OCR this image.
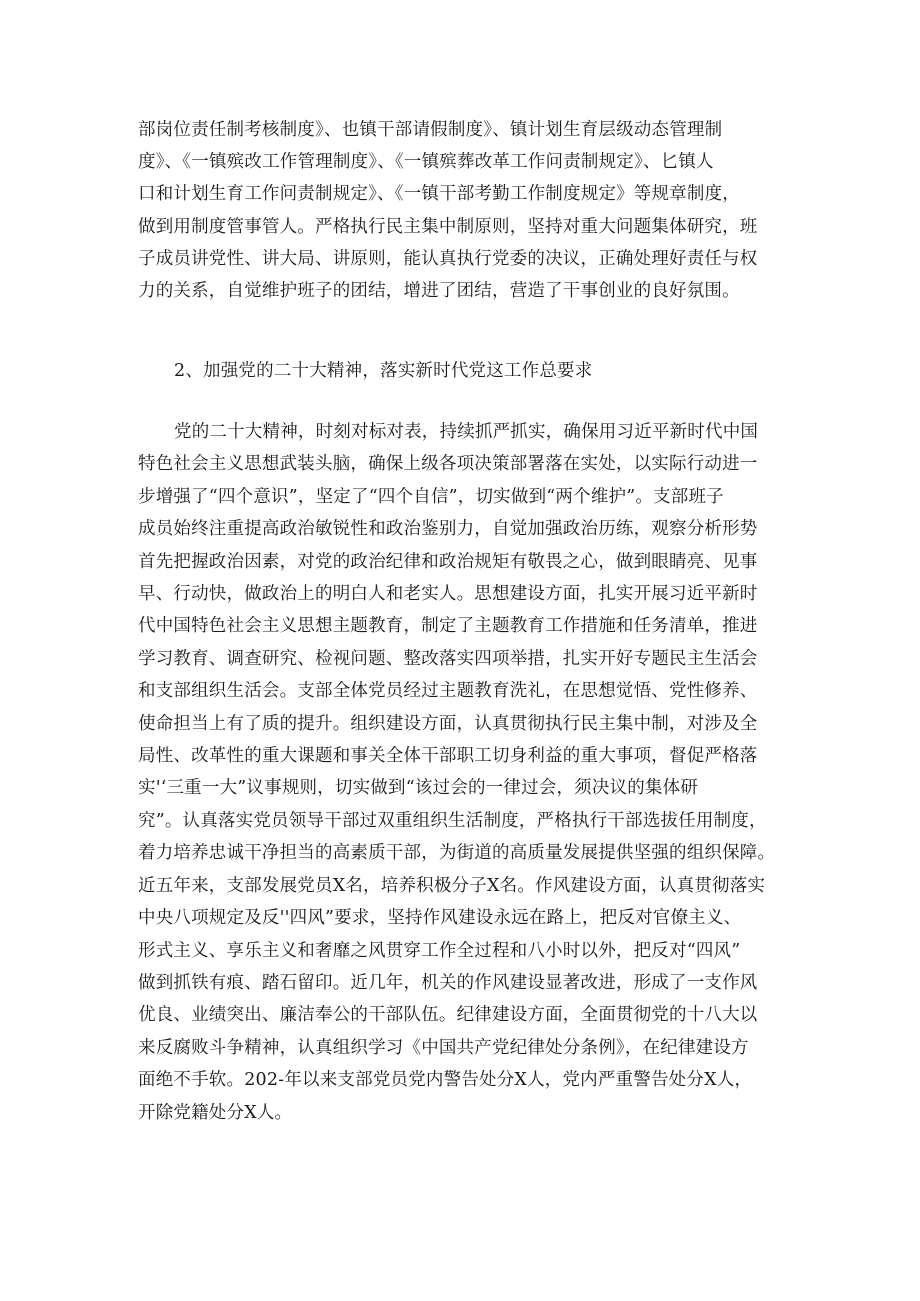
部岗位责任制考核制度》、也镇干部请假制度》、镇计划生育层级动态管理制
度》、《一镇殡改工作管理制度》、《一镇殡葬改革工作问责制规定》、匕镇人
口和计划生育工作问责制规定》、《一镇干部考勤工作制度规定》等规章制度，
做到用制度管事管人。严格执行民主集中制原则，坚持对重大问题集体研究，班
子成员讲党性、讲大局、讲原则，能认真执行党委的决议，正确处理好责任与权
力的关系，自觉维护班子的团结，增进了团结，营造了干事创业的良好氛围。
2、加强党的二十大精神，落实新时代党这工作总要求
党的二十大精神，时刻对标对表，持续抓严抓实，确保用习近平新时代中国
特色社会主义思想武装头脑，确保上级各项决策部署落在实处，以实际行动进一
步增强了“四个意识”，坚定了“四个自信”，切实做到“两个维护”。支部班子
成员始终注重提高政治敏锐性和政治鉴别力，自觉加强政治历练，观察分析形势
首先把握政治因素，对党的政治纪律和政治规矩有敬畏之心，做到眼睛亮、见事
早、行动快，做政治上的明白人和老实人。思想建设方面，扎实开展习近平新时
代中国特色社会主义思想主题教育，制定了主题教育工作措施和任务清单，推进
学习教育、调查研究、检视问题、整改落实四项举措，扎实开好专题民主生活会
和支部组织生活会。支部全体党员经过主题教育洗礼，在思想觉悟、党性修养、
使命担当上有了质的提升。组织建设方面，认真贯彻执行民主集中制，对涉及全
局性、改革性的重大课题和事关全体干部职工切身利益的重大事项，督促严格落
实'‘三重一大”议事规则，切实做到“该过会的一律过会，须决议的集体研
究”。认真落实党员领导干部过双重组织生活制度，严格执行干部选拔任用制度，
着力培养忠诚干净担当的高素质干部，为街道的高质量发展提供坚强的组织保障。
近五年来，支部发展党员X名，培养积极分子X名。作风建设方面，认真贯彻落实
中央八项规定及反''四风”要求，坚持作风建设永远在路上，把反对官僚主义、
形式主义、享乐主义和奢靡之风贯穿工作全过程和八小时以外，把反对“四风”
做到抓铁有痕、踏石留印。近几年，机关的作风建设显著改进，形成了一支作风
优良、业绩突出、廉洁奉公的干部队伍。纪律建设方面，全面贯彻党的十八大以
来反腐败斗争精神，认真组织学习《中国共产党纪律处分条例》，在纪律建设方
面绝不手软。202-年以来支部党员党内警告处分X人，党内严重警告处分X人，
开除党籍处分X人。
